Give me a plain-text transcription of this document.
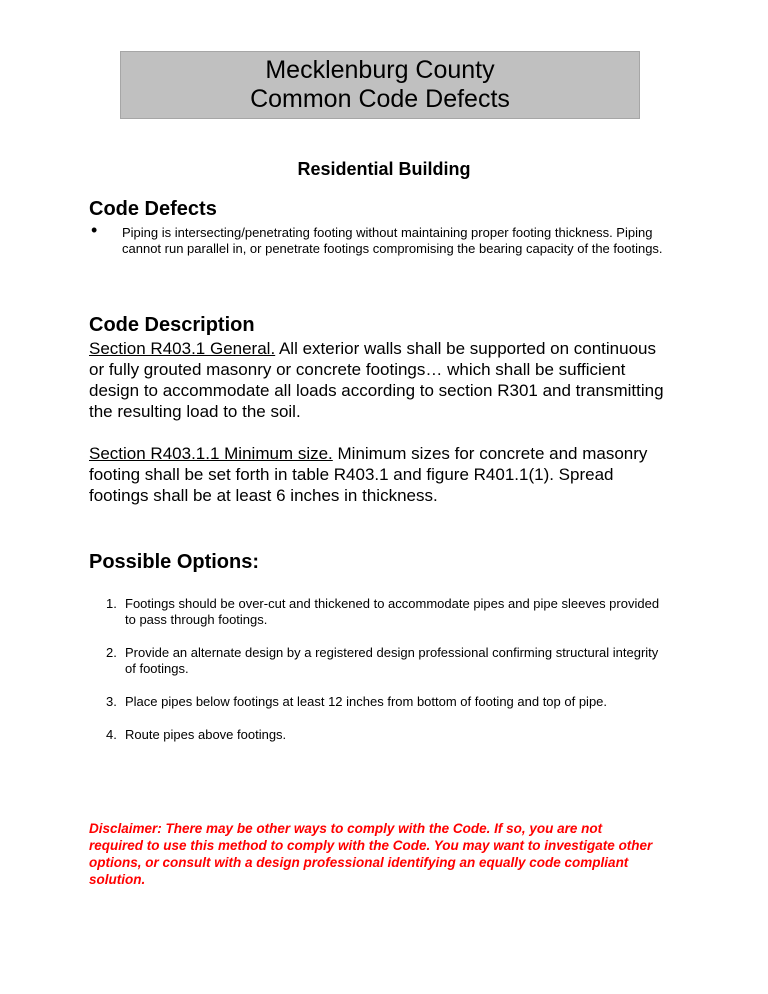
Mecklenburg County
Common Code Defects
Residential Building
Code Defects
• Piping is intersecting/penetrating footing without maintaining proper footing thickness. Piping cannot run parallel in, or penetrate footings compromising the bearing capacity of the footings.
Code Description
Section R403.1 General. All exterior walls shall be supported on continuous or fully grouted masonry or concrete footings… which shall be sufficient design to accommodate all loads according to section R301 and transmitting the resulting load to the soil.
Section R403.1.1 Minimum size. Minimum sizes for concrete and masonry footing shall be set forth in table R403.1 and figure R401.1(1). Spread footings shall be at least 6 inches in thickness.
Possible Options:
1. Footings should be over-cut and thickened to accommodate pipes and pipe sleeves provided to pass through footings.
2. Provide an alternate design by a registered design professional confirming structural integrity of footings.
3. Place pipes below footings at least 12 inches from bottom of footing and top of pipe.
4. Route pipes above footings.
Disclaimer: There may be other ways to comply with the Code. If so, you are not required to use this method to comply with the Code. You may want to investigate other options, or consult with a design professional identifying an equally code compliant solution.
